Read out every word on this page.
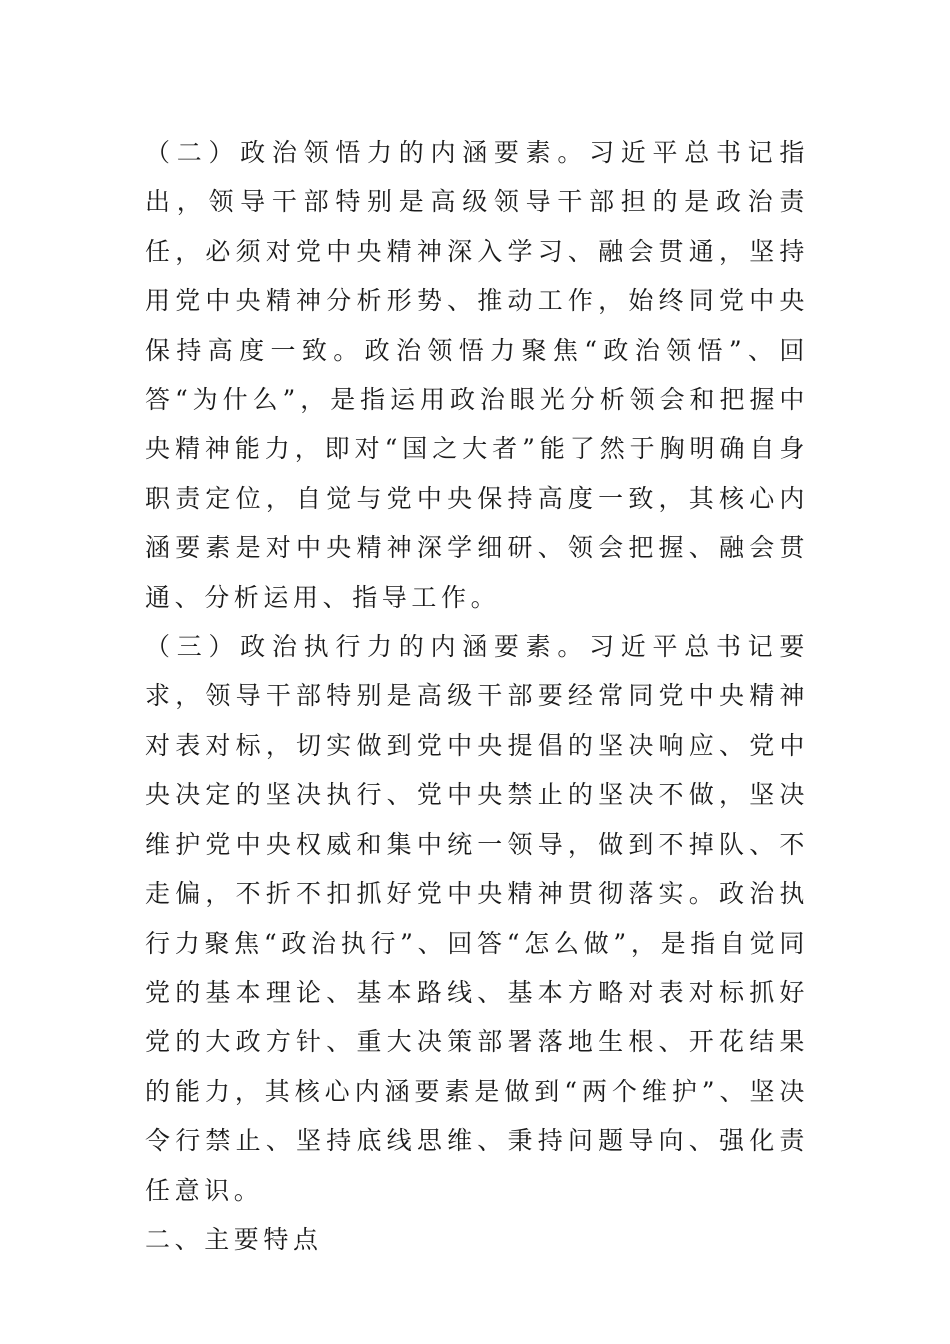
（二）政治领悟力的内涵要素。习近平总书记指出，领导干部特别是高级领导干部担的是政治责任，必须对党中央精神深入学习、融会贯通，坚持用党中央精神分析形势、推动工作，始终同党中央保持高度一致。政治领悟力聚焦“政治领悟”、回答“为什么”，是指运用政治眼光分析领会和把握中央精神能力，即对“国之大者”能了然于胸明确自身职责定位，自觉与党中央保持高度一致，其核心内涵要素是对中央精神深学细研、领会把握、融会贯通、分析运用、指导工作。

（三）政治执行力的内涵要素。习近平总书记要求，领导干部特别是高级干部要经常同党中央精神对表对标，切实做到党中央提倡的坚决响应、党中央决定的坚决执行、党中央禁止的坚决不做，坚决维护党中央权威和集中统一领导，做到不掉队、不走偏，不折不扣抓好党中央精神贯彻落实。政治执行力聚焦“政治执行”、回答“怎么做”，是指自觉同党的基本理论、基本路线、基本方略对表对标抓好党的大政方针、重大决策部署落地生根、开花结果的能力，其核心内涵要素是做到“两个维护”、坚决令行禁止、坚持底线思维、秉持问题导向、强化责任意识。

二、主要特点
